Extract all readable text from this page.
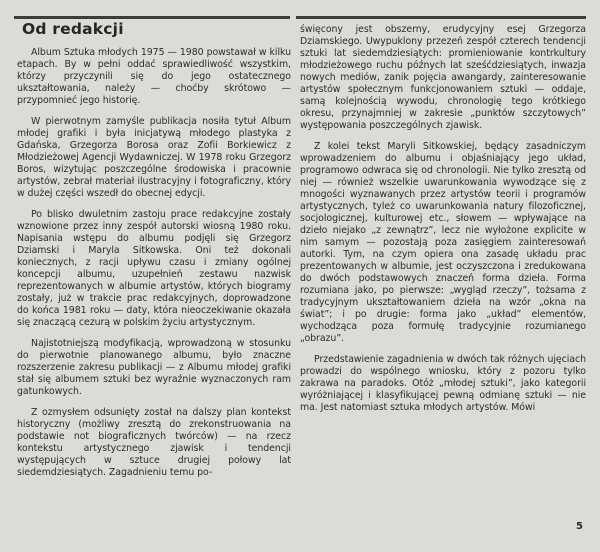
Od redakcji

Album Sztuka młodych 1975 — 1980 powstawał w kilku etapach. By w pełni oddać sprawiedliwość wszystkim, którzy przyczynili się do jego ostatecznego ukształtowania, należy — choćby skrótowo — przypomnieć jego historię.

W pierwotnym zamyśle publikacja nosiła tytuł Album młodej grafiki i była inicjatywą młodego plastyka z Gdańska, Grzegorza Borosa oraz Zofii Borkiewicz z Młodzieżowej Agencji Wydawniczej. W 1978 roku Grzegorz Boros, wizytując poszczególne środowiska i pracownie artystów, zebrał materiał ilustracyjny i fotograficzny, który w dużej części wszedł do obecnej edycji.

Po blisko dwuletnim zastoju prace redakcyjne zostały wznowione przez inny zespół autorski wiosną 1980 roku. Napisania wstępu do albumu podjęli się Grzegorz Dziamski i Maryla Sitkowska. Oni też dokonali koniecznych, z racji upływu czasu i zmiany ogólnej koncepcji albumu, uzupełnień zestawu nazwisk reprezentowanych w albumie artystów, których biogramy zostały, już w trakcie prac redakcyjnych, doprowadzone do końca 1981 roku — daty, która nieoczekiwanie okazała się znaczącą cezurą w polskim życiu artystycznym.

Najistotniejszą modyfikacją, wprowadzoną w stosunku do pierwotnie planowanego albumu, było znaczne rozszerzenie zakresu publikacji — z Albumu młodej grafiki stał się albumem sztuki bez wyraźnie wyznaczonych ram gatunkowych.

Z ozmysłem odsunięty został na dalszy plan kontekst historyczny (możliwy zresztą do zrekonstruowania na podstawie not biograficznych twórców) — na rzecz kontekstu artystycznego zjawisk i tendencji występujących w sztuce drugiej połowy lat siedemdziesiątych. Zagadnieniu temu po-

święcony jest obszerny, erudycyjny esej Grzegorza Dziamskiego. Uwypuklony przezeń zespół czterech tendencji sztuki lat siedemdziesiątych: promieniowanie kontrkultury młodzieżowego ruchu późnych lat sześćdziesiątych, inwazja nowych mediów, zanik pojęcia awangardy, zainteresowanie artystów społecznym funkcjonowaniem sztuki — oddaje, samą kolejnością wywodu, chronologię tego krótkiego okresu, przynajmniej w zakresie „punktów szczytowych” występowania poszczególnych zjawisk.

Z kolei tekst Maryli Sitkowskiej, będący zasadniczym wprowadzeniem do albumu i objaśniający jego układ, programowo odwraca się od chronologii. Nie tylko zresztą od niej — również wszelkie uwarunkowania wywodzące się z mnogości wyznawanych przez artystów teorii i programów artystycznych, tyleż co uwarunkowania natury filozoficznej, socjologicznej, kulturowej etc., słowem — wpływające na dzieło niejako „z zewnątrz”, lecz nie wyłożone explicite w nim samym — pozostają poza zasięgiem zainteresowań autorki. Tym, na czym opiera ona zasadę układu prac prezentowanych w albumie, jest oczyszczona i zredukowana do dwóch podstawowych znaczeń forma dzieła. Forma rozumiana jako, po pierwsze: „wygląd rzeczy”, tożsama z tradycyjnym ukształtowaniem dzieła na wzór „okna na świat”; i po drugie: forma jako „układ” elementów, wychodząca poza formułę tradycyjnie rozumianego „obrazu”.

Przedstawienie zagadnienia w dwóch tak różnych ujęciach prowadzi do wspólnego wniosku, który z pozoru tylko zakrawa na paradoks. Otóż „młodej sztuki”, jako kategorii wyróżniającej i klasyfikującej pewną odmianę sztuki — nie ma. Jest natomiast sztuka młodych artystów. Mówi

5
